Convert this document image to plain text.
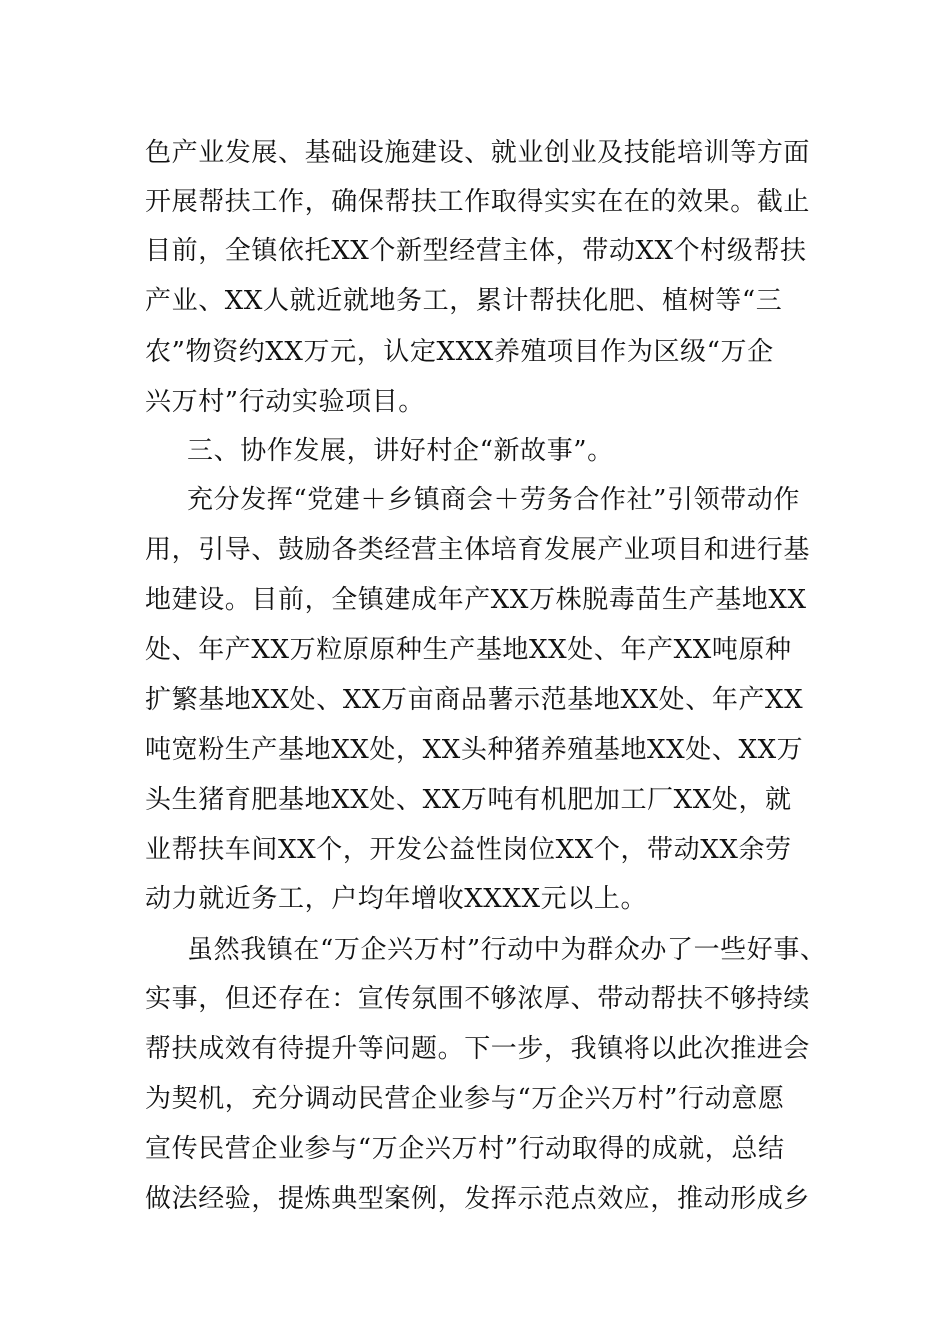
色产业发展、基础设施建设、就业创业及技能培训等方面
开展帮扶工作，确保帮扶工作取得实实在在的效果。截止
目前，全镇依托XX个新型经营主体，带动XX个村级帮扶
产业、XX人就近就地务工，累计帮扶化肥、植树等“三
农”物资约XX万元，认定XXX养殖项目作为区级“万企
兴万村”行动实验项目。
三、协作发展，讲好村企“新故事”。
充分发挥“党建＋乡镇商会＋劳务合作社”引领带动作
用，引导、鼓励各类经营主体培育发展产业项目和进行基
地建设。目前，全镇建成年产XX万株脱毒苗生产基地XX
处、年产XX万粒原原种生产基地XX处、年产XX吨原种
扩繁基地XX处、XX万亩商品薯示范基地XX处、年产XX
吨宽粉生产基地XX处，XX头种猪养殖基地XX处、XX万
头生猪育肥基地XX处、XX万吨有机肥加工厂XX处，就
业帮扶车间XX个，开发公益性岗位XX个，带动XX余劳
动力就近务工，户均年增收XXXX元以上。
虽然我镇在“万企兴万村”行动中为群众办了一些好事、
实事，但还存在：宣传氛围不够浓厚、带动帮扶不够持续
帮扶成效有待提升等问题。下一步，我镇将以此次推进会
为契机，充分调动民营企业参与“万企兴万村”行动意愿
宣传民营企业参与“万企兴万村”行动取得的成就，总结
做法经验，提炼典型案例，发挥示范点效应，推动形成乡
